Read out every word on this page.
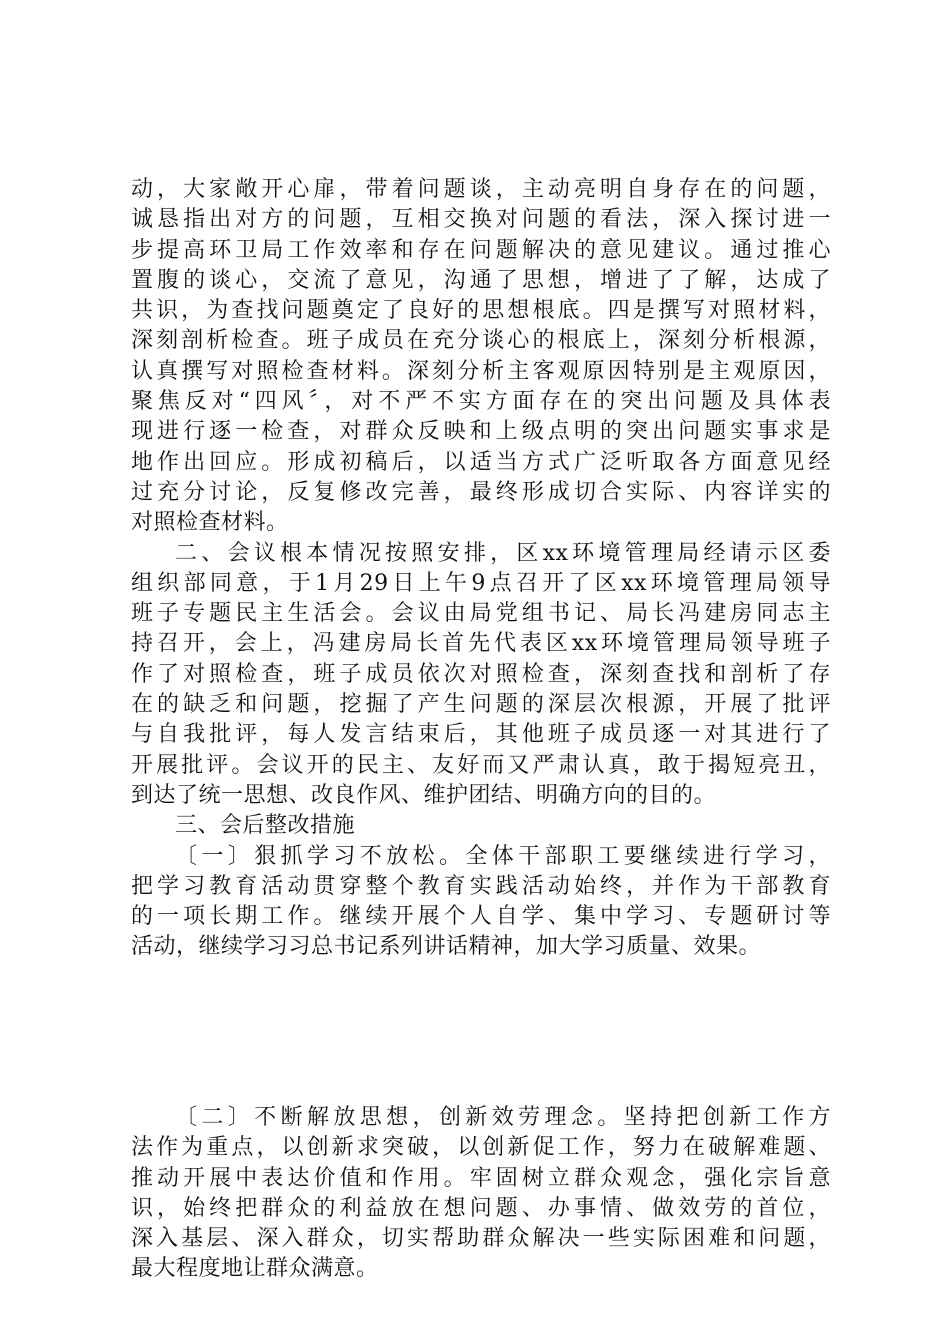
动，大家敞开心扉，带着问题谈，主动亮明自身存在的问题，
诚恳指出对方的问题，互相交换对问题的看法，深入探讨进一
步提高环卫局工作效率和存在问题解决的意见建议。通过推心
置腹的谈心，交流了意见，沟通了思想，增进了了解，达成了
共识，为查找问题奠定了良好的思想根底。四是撰写对照材料，
深刻剖析检查。班子成员在充分谈心的根底上，深刻分析根源，
认真撰写对照检查材料。深刻分析主客观原因特别是主观原因，
聚焦反对“四风〞，对不严不实方面存在的突出问题及具体表
现进行逐一检查，对群众反映和上级点明的突出问题实事求是
地作出回应。形成初稿后，以适当方式广泛听取各方面意见经
过充分讨论，反复修改完善，最终形成切合实际、内容详实的
对照检查材料。
二、会议根本情况按照安排，区xx环境管理局经请示区委
组织部同意，于1月29日上午9点召开了区xx环境管理局领导
班子专题民主生活会。会议由局党组书记、局长冯建房同志主
持召开，会上，冯建房局长首先代表区xx环境管理局领导班子
作了对照检查，班子成员依次对照检查，深刻查找和剖析了存
在的缺乏和问题，挖掘了产生问题的深层次根源，开展了批评
与自我批评，每人发言结束后，其他班子成员逐一对其进行了
开展批评。会议开的民主、友好而又严肃认真，敢于揭短亮丑，
到达了统一思想、改良作风、维护团结、明确方向的目的。
三、会后整改措施
〔一〕狠抓学习不放松。全体干部职工要继续进行学习，
把学习教育活动贯穿整个教育实践活动始终，并作为干部教育
的一项长期工作。继续开展个人自学、集中学习、专题研讨等
活动，继续学习习总书记系列讲话精神，加大学习质量、效果。
〔二〕不断解放思想，创新效劳理念。坚持把创新工作方
法作为重点，以创新求突破，以创新促工作，努力在破解难题、
推动开展中表达价值和作用。牢固树立群众观念，强化宗旨意
识，始终把群众的利益放在想问题、办事情、做效劳的首位，
深入基层、深入群众，切实帮助群众解决一些实际困难和问题，
最大程度地让群众满意。
